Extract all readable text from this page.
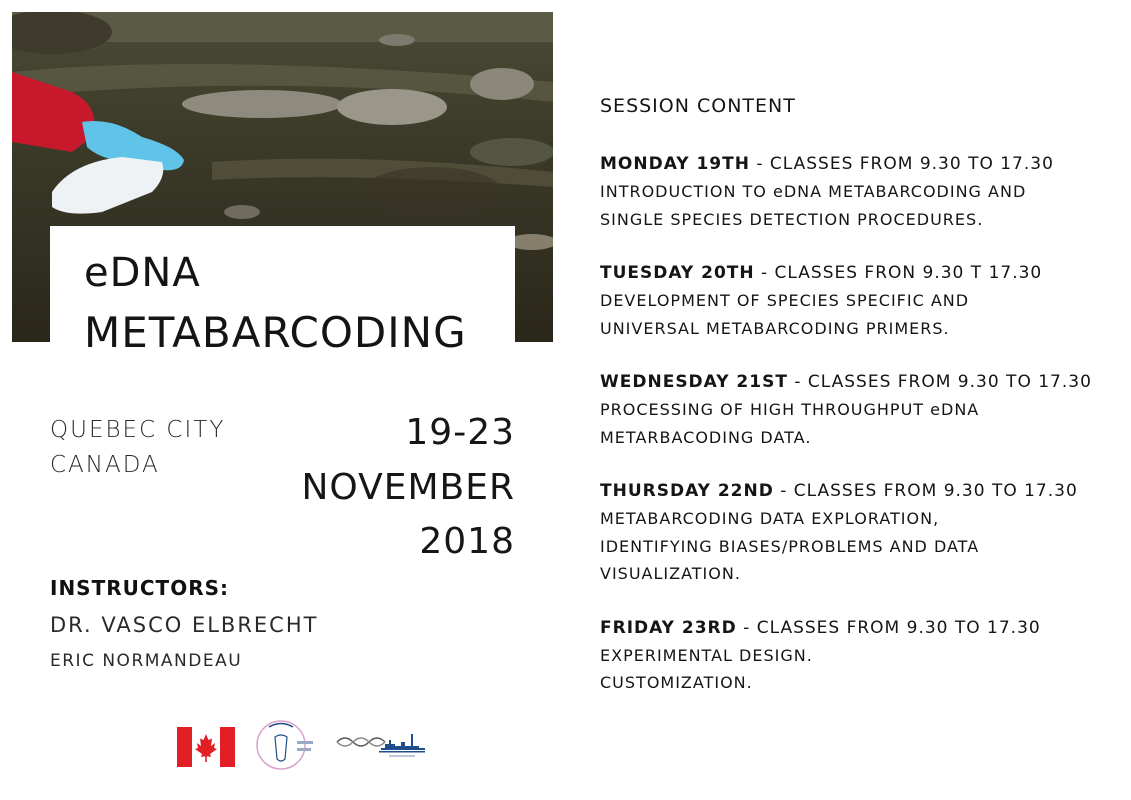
eDNA
METABARCODING
QUEBEC CITY
CANADA
19-23
NOVEMBER
2018
INSTRUCTORS:
DR. VASCO ELBRECHT
ERIC NORMANDEAU
SESSION CONTENT
MONDAY 19TH - CLASSES FROM 9.30 TO 17.30
INTRODUCTION TO eDNA METABARCODING AND
SINGLE SPECIES DETECTION PROCEDURES.
TUESDAY 20TH - CLASSES FRON 9.30 T 17.30
DEVELOPMENT OF SPECIES SPECIFIC AND
UNIVERSAL METABARCODING PRIMERS.
WEDNESDAY 21ST - CLASSES FROM 9.30 TO 17.30
PROCESSING OF HIGH THROUGHPUT eDNA
METARBACODING DATA.
THURSDAY 22ND - CLASSES FROM 9.30 TO 17.30
METABARCODING DATA EXPLORATION,
IDENTIFYING BIASES/PROBLEMS AND DATA
VISUALIZATION.
FRIDAY 23RD - CLASSES FROM 9.30 TO 17.30
EXPERIMENTAL DESIGN.
CUSTOMIZATION.
